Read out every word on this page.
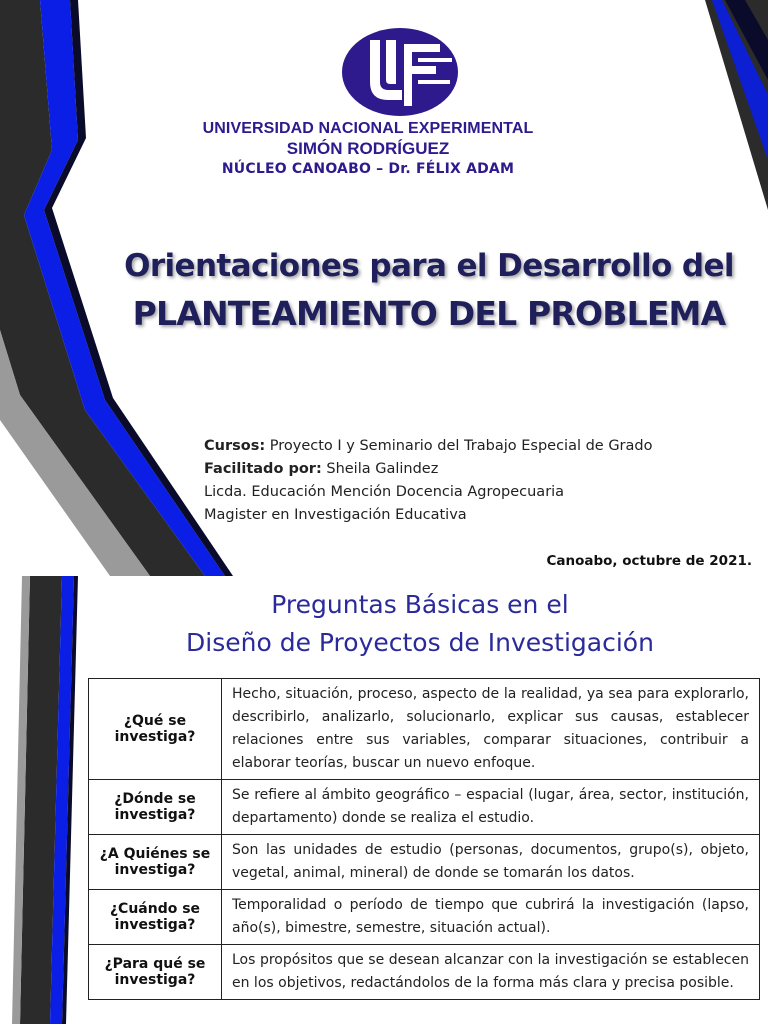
UNIVERSIDAD NACIONAL EXPERIMENTAL
SIMÓN RODRÍGUEZ
NÚCLEO CANOABO – Dr. FÉLIX ADAM
Orientaciones para el Desarrollo del
PLANTEAMIENTO DEL PROBLEMA
Cursos: Proyecto I y Seminario del Trabajo Especial de Grado
Facilitado por: Sheila Galindez
Licda. Educación Mención Docencia Agropecuaria
Magister en Investigación Educativa
Canoabo, octubre de 2021.
Preguntas Básicas en el
Diseño de Proyectos de Investigación
¿Qué se investiga?	Hecho, situación, proceso, aspecto de la realidad, ya sea para explorarlo, describirlo, analizarlo, solucionarlo, explicar sus causas, establecer relaciones entre sus variables, comparar situaciones, contribuir a elaborar teorías, buscar un nuevo enfoque.
¿Dónde se investiga?	Se refiere al ámbito geográfico – espacial (lugar, área, sector, institución, departamento) donde se realiza el estudio.
¿A Quiénes se investiga?	Son las unidades de estudio (personas, documentos, grupo(s), objeto, vegetal, animal, mineral) de donde se tomarán los datos.
¿Cuándo se investiga?	Temporalidad o período de tiempo que cubrirá la investigación (lapso, año(s), bimestre, semestre, situación actual).
¿Para qué se investiga?	Los propósitos que se desean alcanzar con la investigación se establecen en los objetivos, redactándolos de la forma más clara y precisa posible.
